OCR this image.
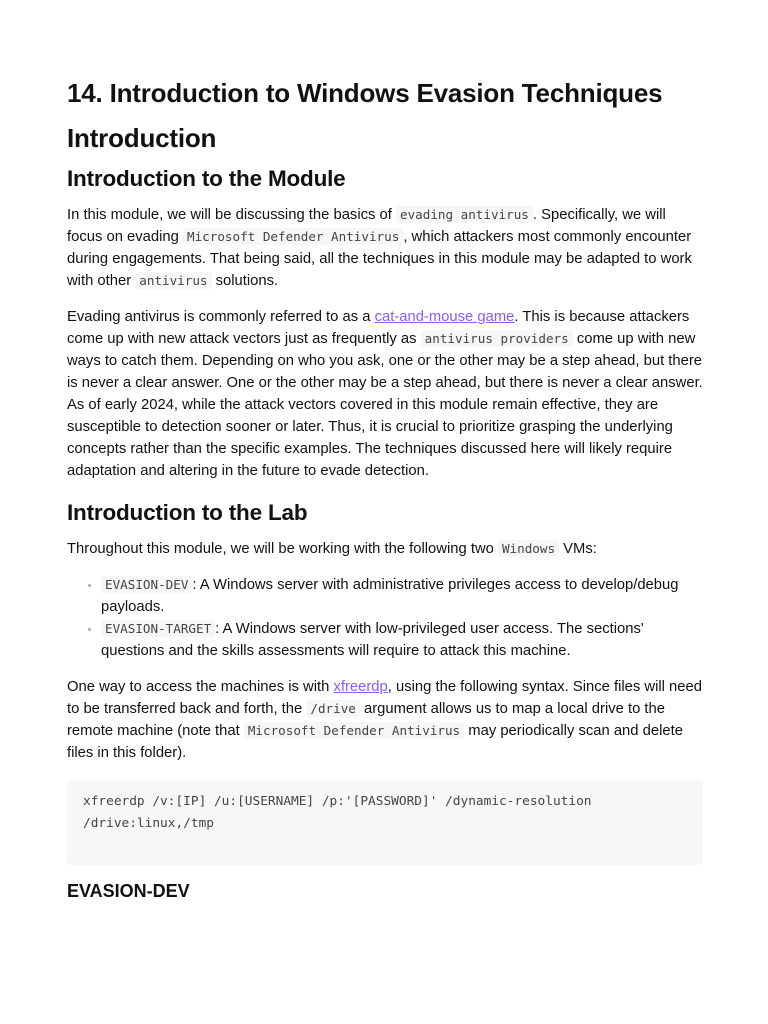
14. Introduction to Windows Evasion Techniques
Introduction
Introduction to the Module

In this module, we will be discussing the basics of evading antivirus . Specifically, we will focus on evading Microsoft Defender Antivirus , which attackers most commonly encounter during engagements. That being said, all the techniques in this module may be adapted to work with other antivirus solutions.

Evading antivirus is commonly referred to as a cat-and-mouse game. This is because attackers come up with new attack vectors just as frequently as antivirus providers come up with new ways to catch them. Depending on who you ask, one or the other may be a step ahead, but there is never a clear answer. One or the other may be a step ahead, but there is never a clear answer. As of early 2024, while the attack vectors covered in this module remain effective, they are susceptible to detection sooner or later. Thus, it is crucial to prioritize grasping the underlying concepts rather than the specific examples. The techniques discussed here will likely require adaptation and altering in the future to evade detection.

Introduction to the Lab

Throughout this module, we will be working with the following two Windows VMs:

• EVASION-DEV : A Windows server with administrative privileges access to develop/debug payloads.
• EVASION-TARGET : A Windows server with low-privileged user access. The sections' questions and the skills assessments will require to attack this machine.

One way to access the machines is with xfreerdp, using the following syntax. Since files will need to be transferred back and forth, the /drive argument allows us to map a local drive to the remote machine (note that Microsoft Defender Antivirus may periodically scan and delete files in this folder).

xfreerdp /v:[IP] /u:[USERNAME] /p:'[PASSWORD]' /dynamic-resolution /drive:linux,/tmp
EVASION-DEV
